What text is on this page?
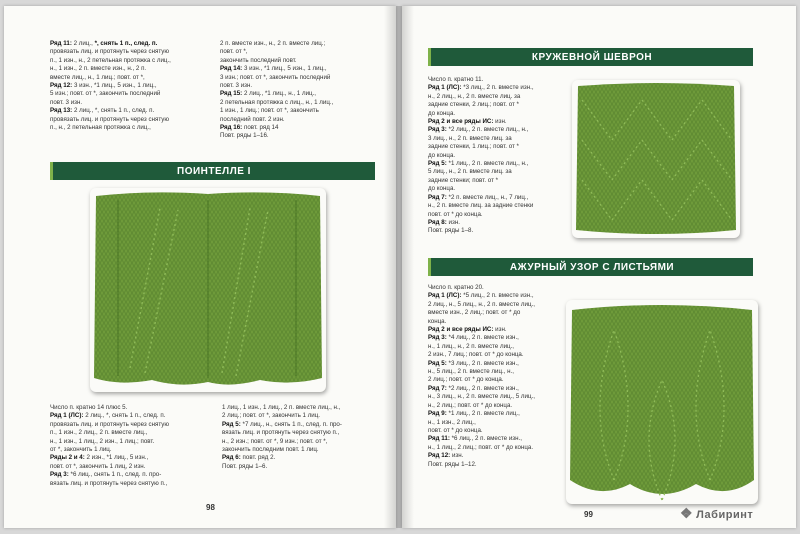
Ряд 11: 2 лиц., *, снять 1 п., след. п.

провязать лиц. и протянуть через снятую

п., 1 изн., н., 2 петельная протяжка с лиц.,

н., 1 изн., 2 п. вместе изн., н., 2 п.

вместе лиц., н., 1 лиц.; повт. от *,

Ряд 12: 3 изн., *1 лиц., 5 изн., 1 лиц.,

5 изн.; повт. от *, закончить последний

повт. 3 изн.

Ряд 13: 2 лиц., *, снять 1 п., след. п.

провязать лиц. и протянуть через снятую

п., н., 2 петельная протяжка с лиц.,

2 п. вместе изн., н., 2 п. вместе лиц.;

повт. от *,

закончить последний повт.

Ряд 14: 3 изн., *1 лиц., 5 изн., 1 лиц.,

3 изн.; повт. от *, закончить последний

повт. 3 изн.

Ряд 15: 2 лиц., *1 лиц., н., 1 лиц.,

2 петельная протяжка с лиц., н., 1 лиц.,

1 изн., 1 лиц.; повт. от *, закончить

последний повт. 2 изн.

Ряд 16: повт. ряд 14

Повт. ряды 1–16.

ПОИНТЕЛЛЕ I

Число п. кратно 14 плюс 5.

Ряд 1 (ЛС): 2 лиц., *, снять 1 п., след. п.

провязать лиц. и протянуть через снятую

п., 1 изн., 2 лиц., 2 п. вместе лиц.,

н., 1 изн., 1 лиц., 2 изн., 1 лиц.; повт.

от *, закончить 1 лиц.

Ряды 2 и 4: 2 изн., *1 лиц., 5 изн.,

повт. от *, закончить 1 лиц, 2 изн.

Ряд 3: *6 лиц., снять 1 п., след. п. про-

вязать лиц. и протянуть через снятую п.,

1 лиц., 1 изн., 1 лиц., 2 п. вместе лиц., н.,

2 лиц.; повт. от *, закончить 1 лиц.

Ряд 5: *7 лиц., н., снять 1 п., след. п. про-

вязать лиц. и протянуть через снятую п.,

н., 2 изн.; повт. от *, 9 изн.; повт. от *,

закончить последним повт. 1 лиц.

Ряд 6: повт. ряд 2.

Повт. ряды 1–6.

98
КРУЖЕВНОЙ ШЕВРОН

Число п. кратно 11.

Ряд 1 (ЛС): *3 лиц., 2 п. вместе изн.,

н., 2 лиц., н., 2 п. вместе лиц. за

задние стенки, 2 лиц.; повт. от *

до конца.

Ряд 2 и все ряды ИС: изн.

Ряд 3: *2 лиц., 2 п. вместе лиц., н.,

3 лиц., н., 2 п. вместе лиц. за

задние стенки, 1 лиц.; повт. от *

до конца.

Ряд 5: *1 лиц., 2 п. вместе лиц., н.,

5 лиц., н., 2 п. вместе лиц. за

задние стенки; повт. от *

до конца.

Ряд 7: *2 п. вместе лиц., н., 7 лиц.,

н., 2 п. вместе лиц. за задние стенки

повт. от * до конца.

Ряд 8: изн.

Повт. ряды 1–8.

АЖУРНЫЙ УЗОР С ЛИСТЬЯМИ

Число п. кратно 20.

Ряд 1 (ЛС): *5 лиц., 2 п. вместе изн.,

2 лиц., н., 5 лиц., н., 2 п. вместе лиц.,

вместе изн., 2 лиц.; повт. от * до

конца.

Ряд 2 и все ряды ИС: изн.

Ряд 3: *4 лиц., 2 п. вместе изн.,

н., 1 лиц., н., 2 п. вместе лиц.,

2 изн., 7 лиц.; повт. от * до конца.

Ряд 5: *3 лиц., 2 п. вместе изн.,

н., 5 лиц., 2 п. вместе лиц., н.,

2 лиц.; повт. от * до конца.

Ряд 7: *2 лиц., 2 п. вместе изн.,

н., 3 лиц., н., 2 п. вместе лиц., 5 лиц.,

н., 2 лиц.; повт. от * до конца.

Ряд 9: *1 лиц., 2 п. вместе лиц.,

н., 1 изн., 2 лиц.,

повт. от * до конца.

Ряд 11: *6 лиц., 2 п. вместе изн.,

н., 1 лиц., 2 лиц.; повт. от * до конца.

Ряд 12: изн.

Повт. ряды 1–12.

99	❖ Лабиринт
